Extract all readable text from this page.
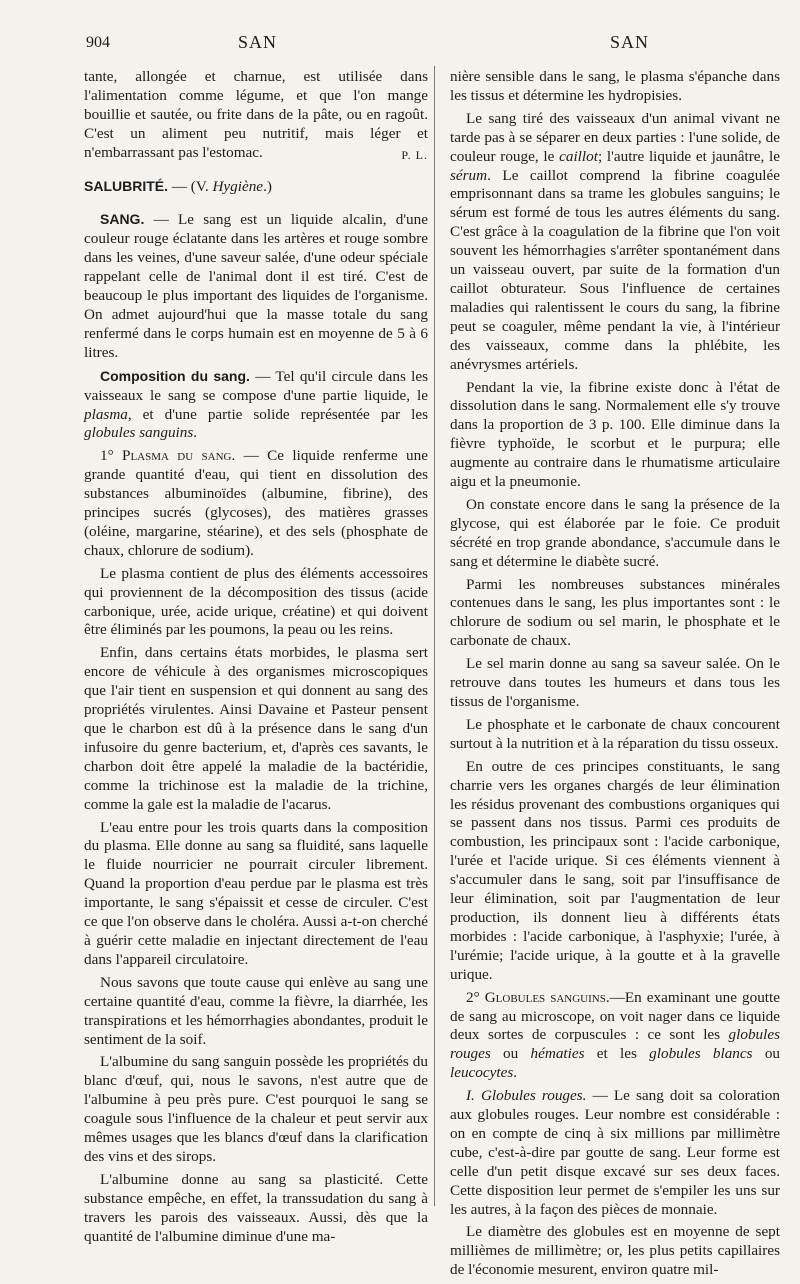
904	SAN	SAN

tante, allongée et charnue, est utilisée dans l'alimentation comme légume, et que l'on mange bouillie et sautée, ou frite dans de la pâte, ou en ragoût. C'est un aliment peu nutritif, mais léger et n'embarrassant pas l'estomac.	P. L.

SALUBRITÉ. — (V. Hygiène.)

SANG. — Le sang est un liquide alcalin, d'une couleur rouge éclatante dans les artères et rouge sombre dans les veines, d'une saveur salée, d'une odeur spéciale rappelant celle de l'animal dont il est tiré. C'est de beaucoup le plus important des liquides de l'organisme. On admet aujourd'hui que la masse totale du sang renfermé dans le corps humain est en moyenne de 5 à 6 litres.

Composition du sang. — Tel qu'il circule dans les vaisseaux le sang se compose d'une partie liquide, le plasma, et d'une partie solide représentée par les globules sanguins.

1° Plasma du sang. — Ce liquide renferme une grande quantité d'eau, qui tient en dissolution des substances albuminoïdes (albumine, fibrine), des principes sucrés (glycoses), des matières grasses (oléine, margarine, stéarine), et des sels (phosphate de chaux, chlorure de sodium).

Le plasma contient de plus des éléments accessoires qui proviennent de la décomposition des tissus (acide carbonique, urée, acide urique, créatine) et qui doivent être éliminés par les poumons, la peau ou les reins.

Enfin, dans certains états morbides, le plasma sert encore de véhicule à des organismes microscopiques que l'air tient en suspension et qui donnent au sang des propriétés virulentes. Ainsi Davaine et Pasteur pensent que le charbon est dû à la présence dans le sang d'un infusoire du genre bacterium, et, d'après ces savants, le charbon doit être appelé la maladie de la bactéridie, comme la trichinose est la maladie de la trichine, comme la gale est la maladie de l'acarus.

L'eau entre pour les trois quarts dans la composition du plasma. Elle donne au sang sa fluidité, sans laquelle le fluide nourricier ne pourrait circuler librement. Quand la proportion d'eau perdue par le plasma est très importante, le sang s'épaissit et cesse de circuler. C'est ce que l'on observe dans le choléra. Aussi a-t-on cherché à guérir cette maladie en injectant directement de l'eau dans l'appareil circulatoire.

Nous savons que toute cause qui enlève au sang une certaine quantité d'eau, comme la fièvre, la diarrhée, les transpirations et les hémorrhagies abondantes, produit le sentiment de la soif.

L'albumine du sang sanguin possède les propriétés du blanc d'œuf, qui, nous le savons, n'est autre que de l'albumine à peu près pure. C'est pourquoi le sang se coagule sous l'influence de la chaleur et peut servir aux mêmes usages que les blancs d'œuf dans la clarification des vins et des sirops.

L'albumine donne au sang sa plasticité. Cette substance empêche, en effet, la transsudation du sang à travers les parois des vaisseaux. Aussi, dès que la quantité de l'albumine diminue d'une ma-

nière sensible dans le sang, le plasma s'épanche dans les tissus et détermine les hydropisies.

Le sang tiré des vaisseaux d'un animal vivant ne tarde pas à se séparer en deux parties : l'une solide, de couleur rouge, le caillot; l'autre liquide et jaunâtre, le sérum. Le caillot comprend la fibrine coagulée emprisonnant dans sa trame les globules sanguins; le sérum est formé de tous les autres éléments du sang. C'est grâce à la coagulation de la fibrine que l'on voit souvent les hémorrhagies s'arrêter spontanément dans un vaisseau ouvert, par suite de la formation d'un caillot obturateur. Sous l'influence de certaines maladies qui ralentissent le cours du sang, la fibrine peut se coaguler, même pendant la vie, à l'intérieur des vaisseaux, comme dans la phlébite, les anévrysmes artériels.

Pendant la vie, la fibrine existe donc à l'état de dissolution dans le sang. Normalement elle s'y trouve dans la proportion de 3 p. 100. Elle diminue dans la fièvre typhoïde, le scorbut et le purpura; elle augmente au contraire dans le rhumatisme articulaire aigu et la pneumonie.

On constate encore dans le sang la présence de la glycose, qui est élaborée par le foie. Ce produit sécrété en trop grande abondance, s'accumule dans le sang et détermine le diabète sucré.

Parmi les nombreuses substances minérales contenues dans le sang, les plus importantes sont : le chlorure de sodium ou sel marin, le phosphate et le carbonate de chaux.

Le sel marin donne au sang sa saveur salée. On le retrouve dans toutes les humeurs et dans tous les tissus de l'organisme.

Le phosphate et le carbonate de chaux concourent surtout à la nutrition et à la réparation du tissu osseux.

En outre de ces principes constituants, le sang charrie vers les organes chargés de leur élimination les résidus provenant des combustions organiques qui se passent dans nos tissus. Parmi ces produits de combustion, les principaux sont : l'acide carbonique, l'urée et l'acide urique. Si ces éléments viennent à s'accumuler dans le sang, soit par l'insuffisance de leur élimination, soit par l'augmentation de leur production, ils donnent lieu à différents états morbides : l'acide carbonique, à l'asphyxie; l'urée, à l'urémie; l'acide urique, à la goutte et à la gravelle urique.

2° Globules sanguins.—En examinant une goutte de sang au microscope, on voit nager dans ce liquide deux sortes de corpuscules : ce sont les globules rouges ou hématies et les globules blancs ou leucocytes.

I. Globules rouges. — Le sang doit sa coloration aux globules rouges. Leur nombre est considérable : on en compte de cinq à six millions par millimètre cube, c'est-à-dire par goutte de sang. Leur forme est celle d'un petit disque excavé sur ses deux faces. Cette disposition leur permet de s'empiler les uns sur les autres, à la façon des pièces de monnaie.

Le diamètre des globules est en moyenne de sept millièmes de millimètre; or, les plus petits capillaires de l'économie mesurent, environ quatre mil-
